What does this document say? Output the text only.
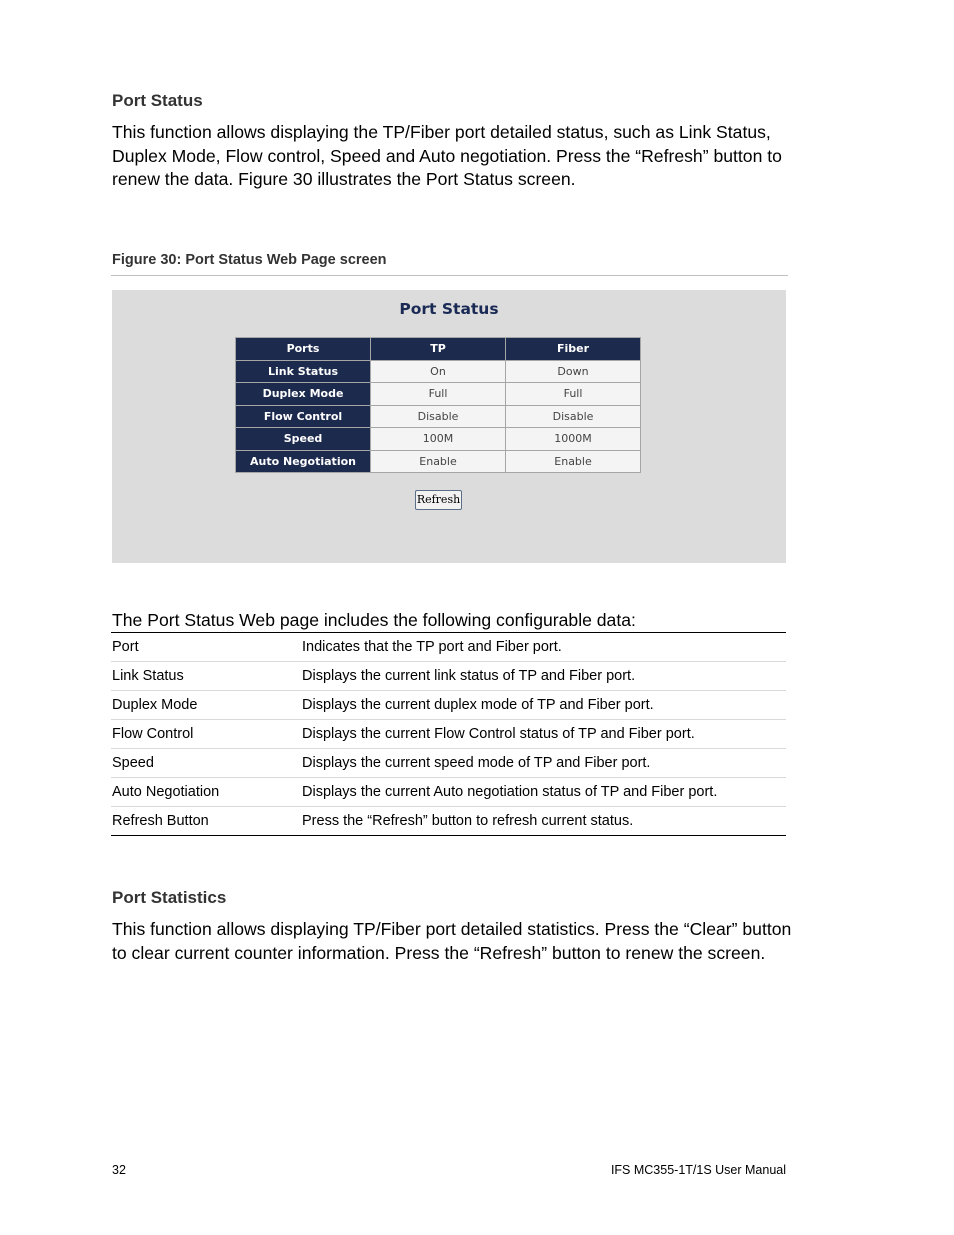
Port Status
This function allows displaying the TP/Fiber port detailed status, such as Link Status, Duplex Mode, Flow control, Speed and Auto negotiation. Press the “Refresh” button to renew the data. Figure 30 illustrates the Port Status screen.
Figure 30: Port Status Web Page screen
Port Status
Ports	TP	Fiber
Link Status	On	Down
Duplex Mode	Full	Full
Flow Control	Disable	Disable
Speed	100M	1000M
Auto Negotiation	Enable	Enable
Refresh
The Port Status Web page includes the following configurable data:
Port	Indicates that the TP port and Fiber port.
Link Status	Displays the current link status of TP and Fiber port.
Duplex Mode	Displays the current duplex mode of TP and Fiber port.
Flow Control	Displays the current Flow Control status of TP and Fiber port.
Speed	Displays the current speed mode of TP and Fiber port.
Auto Negotiation	Displays the current Auto negotiation status of TP and Fiber port.
Refresh Button	Press the “Refresh” button to refresh current status.
Port Statistics
This function allows displaying TP/Fiber port detailed statistics. Press the “Clear” button to clear current counter information. Press the “Refresh” button to renew the screen.
32	IFS MC355-1T/1S User Manual
